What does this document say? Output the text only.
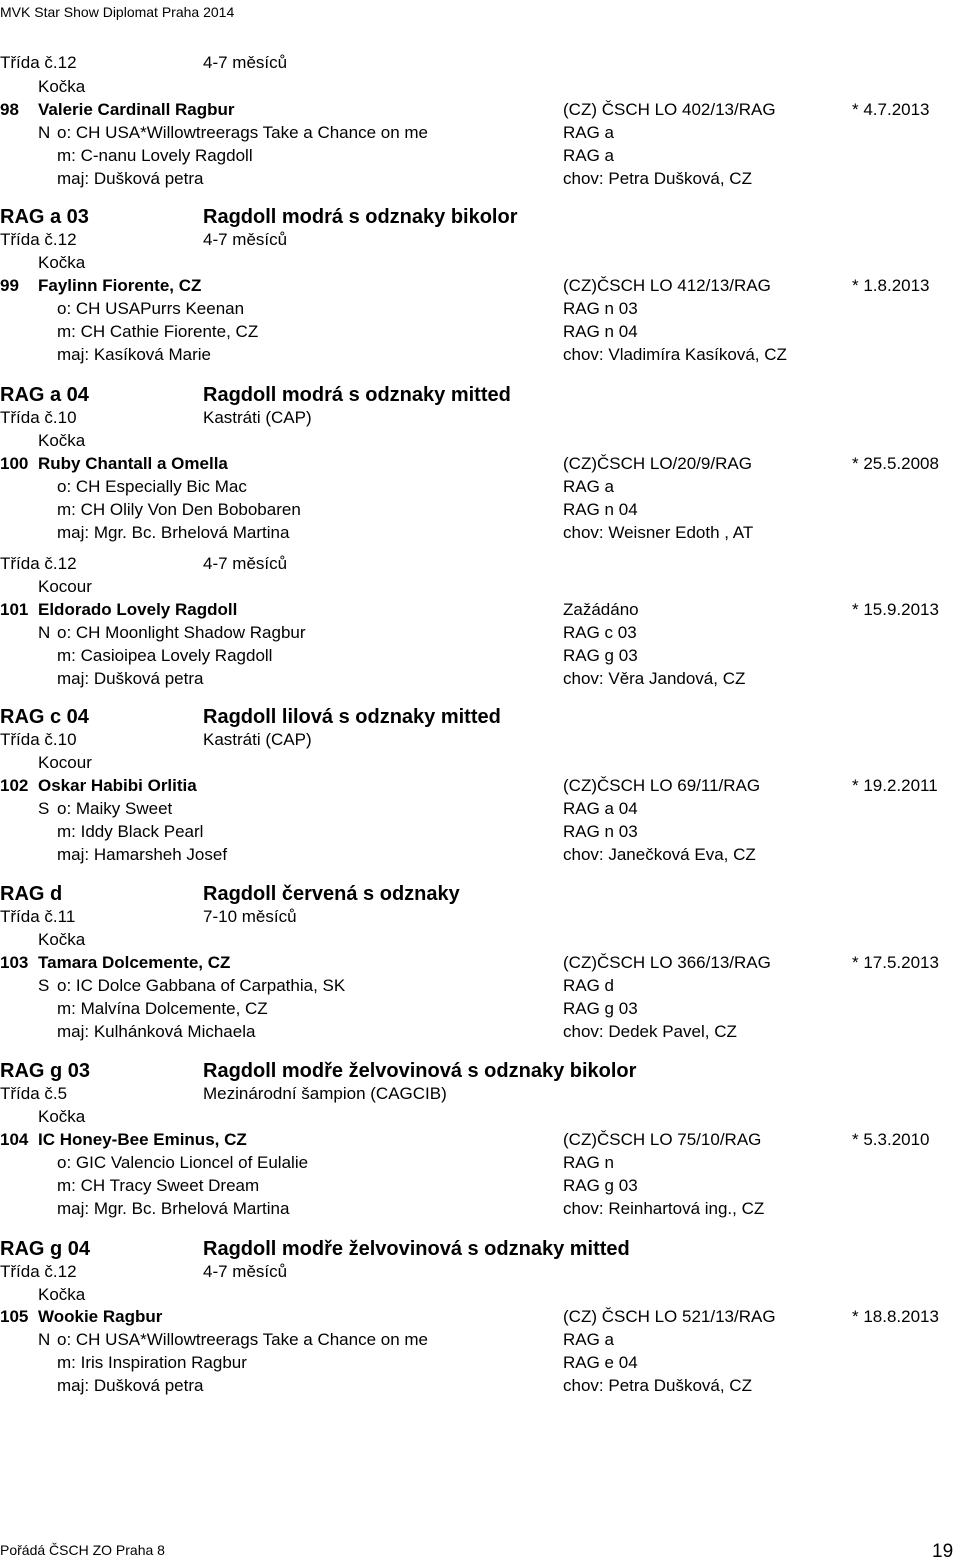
MVK Star Show Diplomat Praha 2014
Třída č.12	4-7 měsíců
Kočka
98 Valerie Cardinall Ragbur	(CZ) ČSCH LO 402/13/RAG	* 4.7.2013
N o: CH USA*Willowtreerags Take a Chance on me	RAG a
m: C-nanu Lovely Ragdoll	RAG a
maj: Dušková petra	chov: Petra Dušková, CZ
RAG a 03	Ragdoll modrá s odznaky bikolor
Třída č.12	4-7 měsíců
Kočka
99 Faylinn Fiorente, CZ	(CZ)ČSCH LO 412/13/RAG	* 1.8.2013
o: CH USAPurrs Keenan	RAG n 03
m: CH Cathie Fiorente, CZ	RAG n 04
maj: Kasíková Marie	chov: Vladimíra Kasíková, CZ
RAG a 04	Ragdoll modrá s odznaky mitted
Třída č.10	Kastráti (CAP)
Kočka
100 Ruby Chantall a Omella	(CZ)ČSCH LO/20/9/RAG	* 25.5.2008
o: CH Especially Bic Mac	RAG a
m: CH Olily Von Den Bobobaren	RAG n 04
maj: Mgr. Bc. Brhelová Martina	chov: Weisner Edoth , AT
Třída č.12	4-7 měsíců
Kocour
101 Eldorado Lovely Ragdoll	Zažádáno	* 15.9.2013
N o: CH Moonlight Shadow Ragbur	RAG c 03
m: Casioipea Lovely Ragdoll	RAG g 03
maj: Dušková petra	chov: Věra Jandová, CZ
RAG c 04	Ragdoll lilová s odznaky mitted
Třída č.10	Kastráti (CAP)
Kocour
102 Oskar Habibi Orlitia	(CZ)ČSCH LO 69/11/RAG	* 19.2.2011
S o: Maiky Sweet	RAG a 04
m: Iddy Black Pearl	RAG n 03
maj: Hamarsheh Josef	chov: Janečková Eva, CZ
RAG d	Ragdoll červená s odznaky
Třída č.11	7-10 měsíců
Kočka
103 Tamara Dolcemente, CZ	(CZ)ČSCH LO 366/13/RAG	* 17.5.2013
S o: IC Dolce Gabbana of Carpathia, SK	RAG d
m: Malvína Dolcemente, CZ	RAG g 03
maj: Kulhánková Michaela	chov: Dedek Pavel, CZ
RAG g 03	Ragdoll modře želvovinová s odznaky bikolor
Třída č.5	Mezinárodní šampion (CAGCIB)
Kočka
104 IC Honey-Bee Eminus, CZ	(CZ)ČSCH LO 75/10/RAG	* 5.3.2010
o: GIC Valencio Lioncel of Eulalie	RAG n
m: CH Tracy Sweet Dream	RAG g 03
maj: Mgr. Bc. Brhelová Martina	chov: Reinhartová ing., CZ
RAG g 04	Ragdoll modře želvovinová s odznaky mitted
Třída č.12	4-7 měsíců
Kočka
105 Wookie Ragbur	(CZ) ČSCH LO 521/13/RAG	* 18.8.2013
N o: CH USA*Willowtreerags Take a Chance on me	RAG a
m: Iris Inspiration Ragbur	RAG e 04
maj: Dušková petra	chov: Petra Dušková, CZ
Pořádá ČSCH ZO Praha 8	19
